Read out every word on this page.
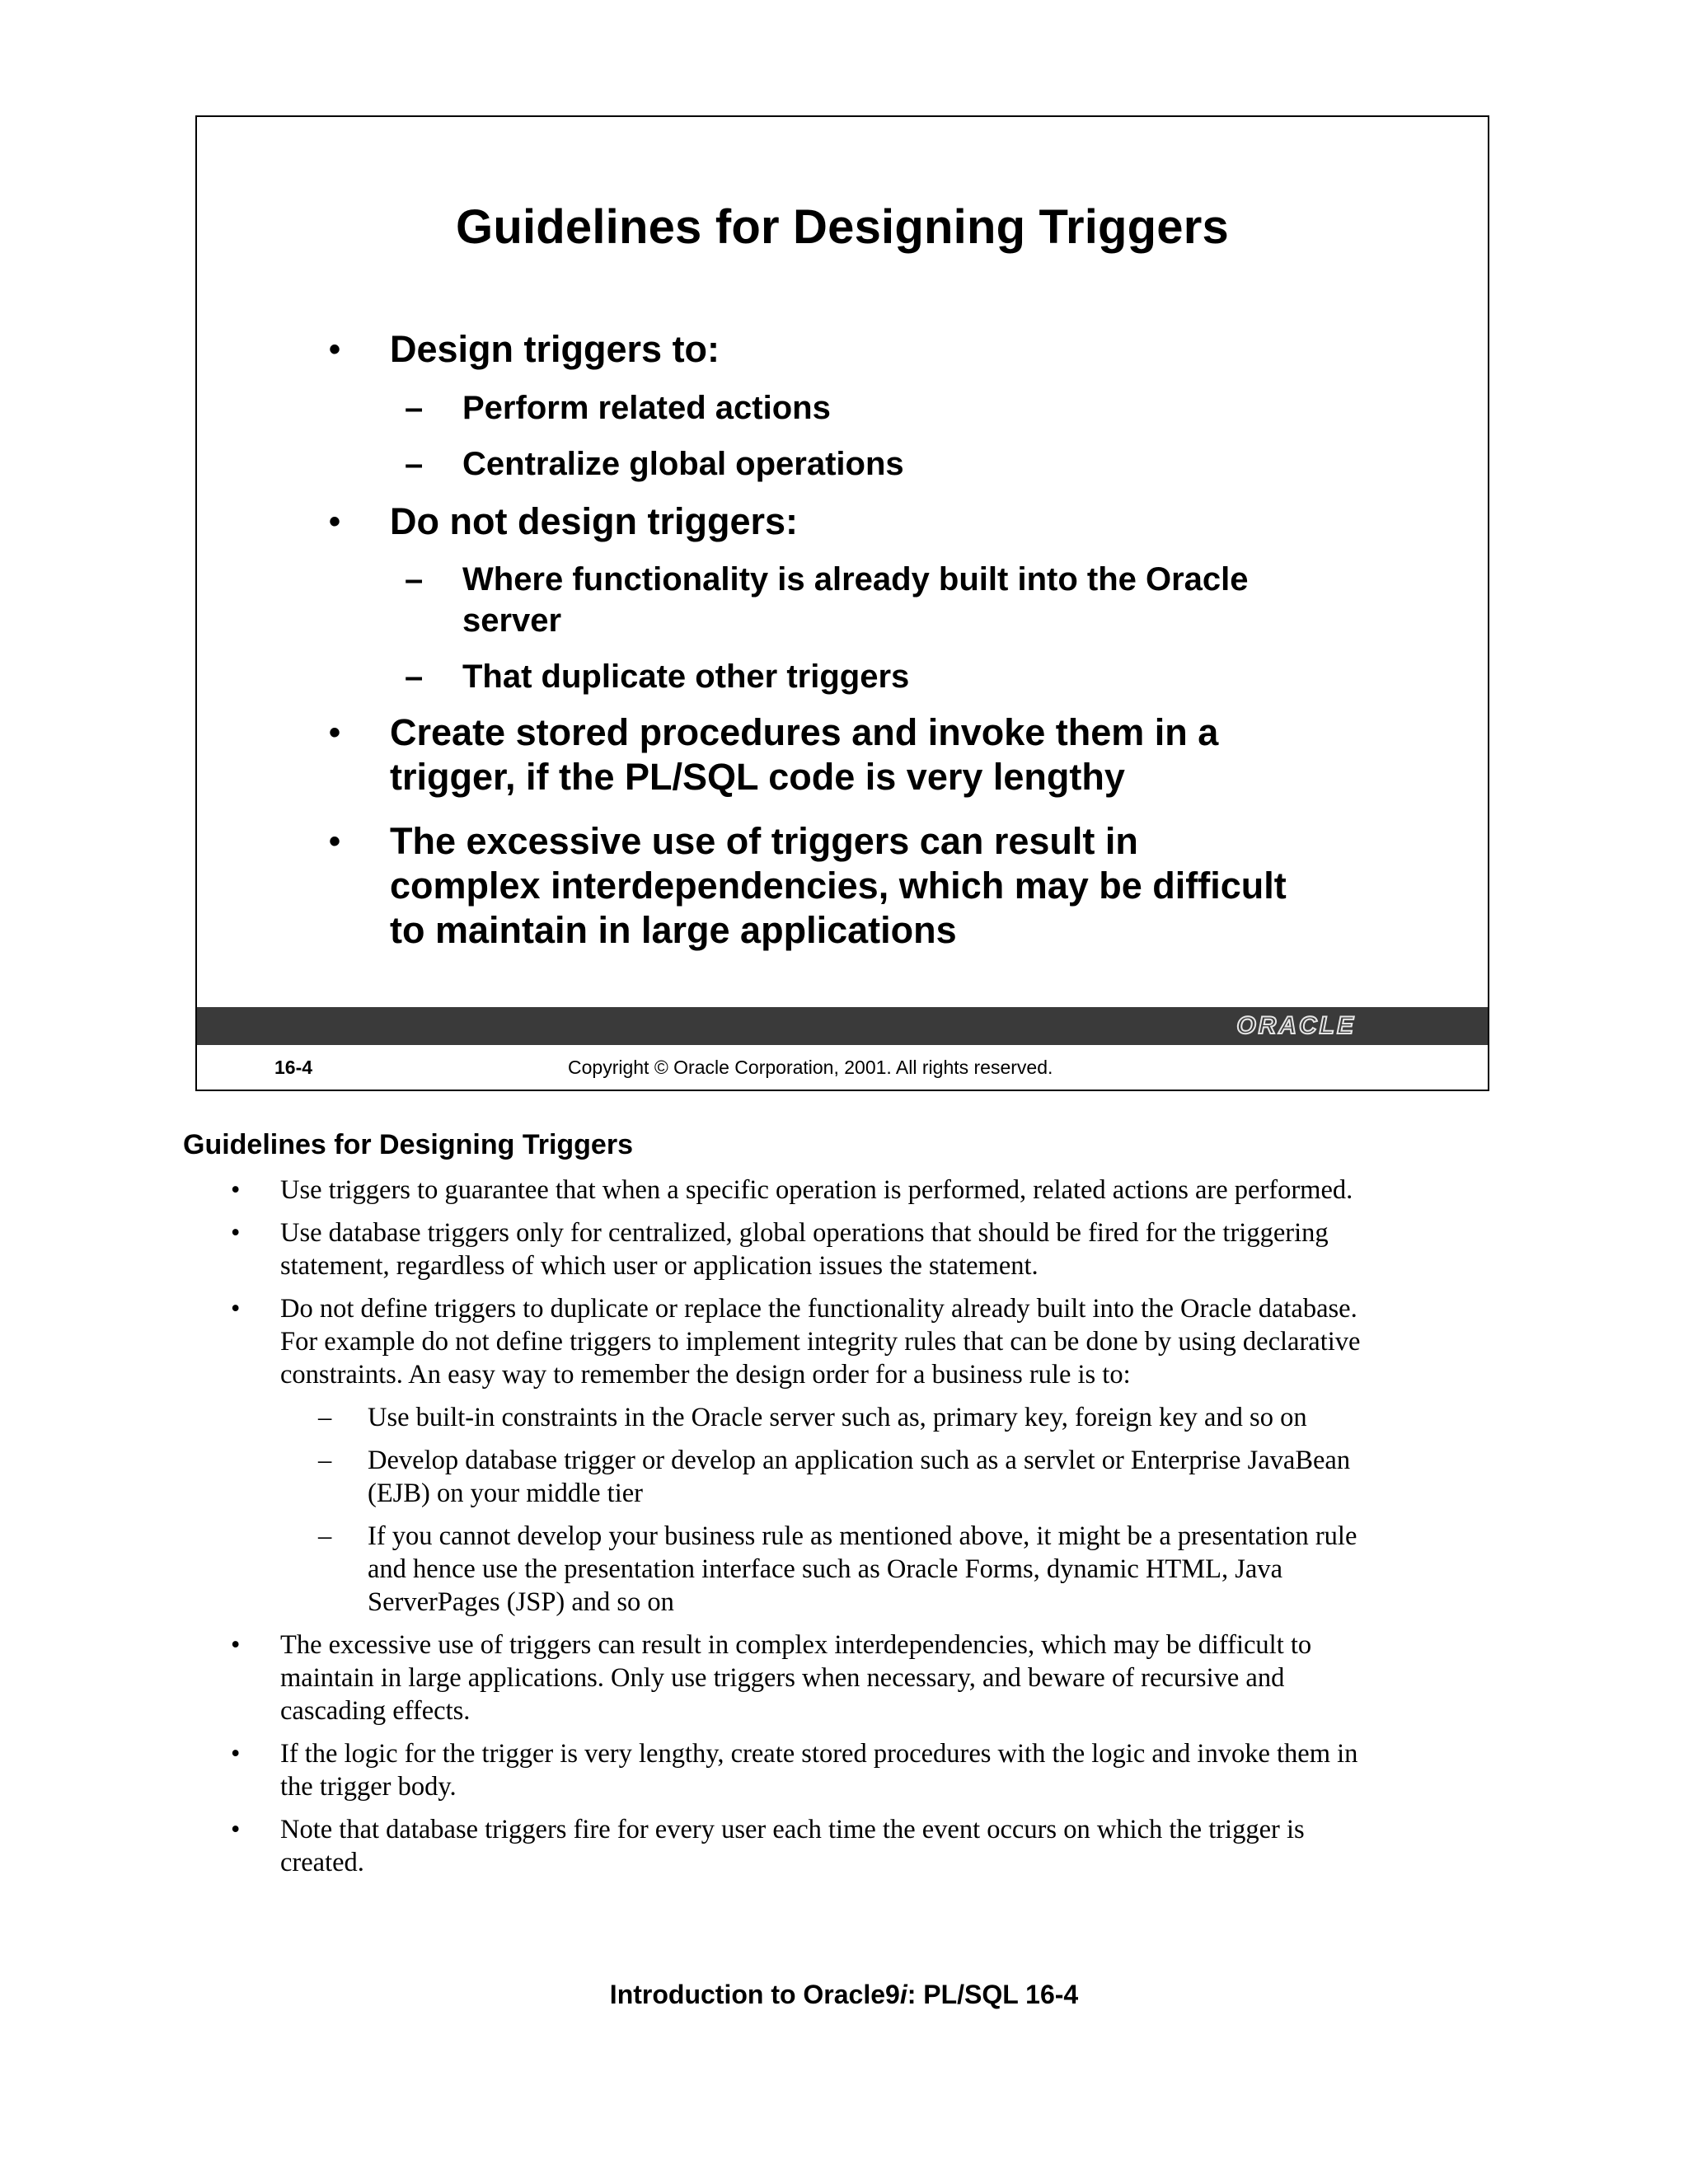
Guidelines for Designing Triggers
• Design triggers to:
– Perform related actions
– Centralize global operations
• Do not design triggers:
– Where functionality is already built into the Oracle
server
– That duplicate other triggers
• Create stored procedures and invoke them in a
trigger, if the PL/SQL code is very lengthy
• The excessive use of triggers can result in
complex interdependencies, which may be difficult
to maintain in large applications
ORACLE
16-4	Copyright © Oracle Corporation, 2001. All rights reserved.
Guidelines for Designing Triggers
• Use triggers to guarantee that when a specific operation is performed, related actions are performed.
• Use database triggers only for centralized, global operations that should be fired for the triggering
statement, regardless of which user or application issues the statement.
• Do not define triggers to duplicate or replace the functionality already built into the Oracle database.
For example do not define triggers to implement integrity rules that can be done by using declarative
constraints. An easy way to remember the design order for a business rule is to:
– Use built-in constraints in the Oracle server such as, primary key, foreign key and so on
– Develop database trigger or develop an application such as a servlet or Enterprise JavaBean
(EJB) on your middle tier
– If you cannot develop your business rule as mentioned above, it might be a presentation rule
and hence use the presentation interface such as Oracle Forms, dynamic HTML, Java
ServerPages (JSP) and so on
• The excessive use of triggers can result in complex interdependencies, which may be difficult to
maintain in large applications. Only use triggers when necessary, and beware of recursive and
cascading effects.
• If the logic for the trigger is very lengthy, create stored procedures with the logic and invoke them in
the trigger body.
• Note that database triggers fire for every user each time the event occurs on which the trigger is
created.
Introduction to Oracle9i: PL/SQL 16-4
